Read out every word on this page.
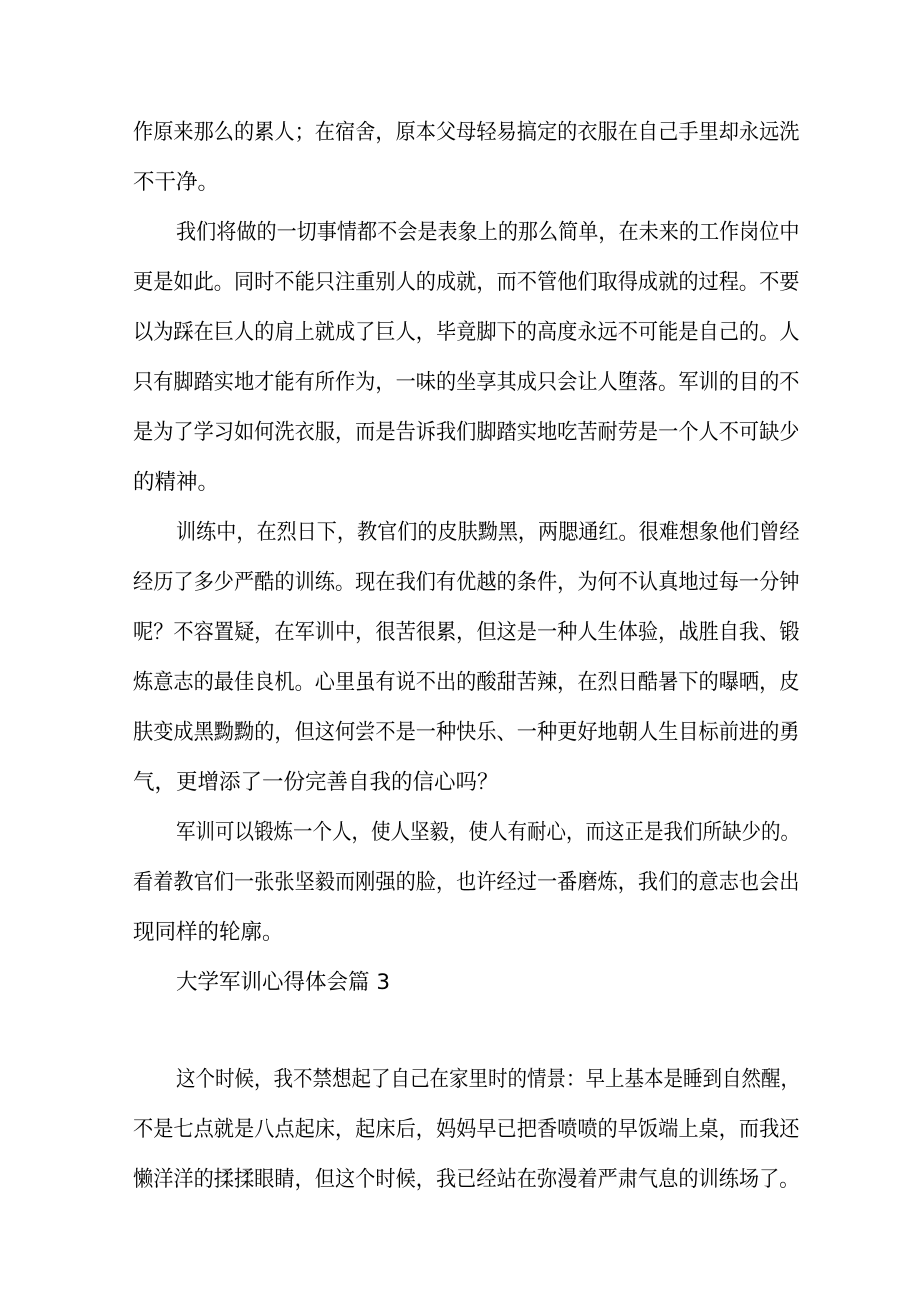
作原来那么的累人；在宿舍，原本父母轻易搞定的衣服在自己手里却永远洗
不干净。
我们将做的一切事情都不会是表象上的那么简单，在未来的工作岗位中
更是如此。同时不能只注重别人的成就，而不管他们取得成就的过程。不要
以为踩在巨人的肩上就成了巨人，毕竟脚下的高度永远不可能是自己的。人
只有脚踏实地才能有所作为，一味的坐享其成只会让人堕落。军训的目的不
是为了学习如何洗衣服，而是告诉我们脚踏实地吃苦耐劳是一个人不可缺少
的精神。
训练中，在烈日下，教官们的皮肤黝黑，两腮通红。很难想象他们曾经
经历了多少严酷的训练。现在我们有优越的条件，为何不认真地过每一分钟
呢？不容置疑，在军训中，很苦很累，但这是一种人生体验，战胜自我、锻
炼意志的最佳良机。心里虽有说不出的酸甜苦辣，在烈日酷暑下的曝晒，皮
肤变成黑黝黝的，但这何尝不是一种快乐、一种更好地朝人生目标前进的勇
气，更增添了一份完善自我的信心吗？
军训可以锻炼一个人，使人坚毅，使人有耐心，而这正是我们所缺少的。
看着教官们一张张坚毅而刚强的脸，也许经过一番磨炼，我们的意志也会出
现同样的轮廓。
大学军训心得体会篇 3
这个时候，我不禁想起了自己在家里时的情景：早上基本是睡到自然醒，
不是七点就是八点起床，起床后，妈妈早已把香喷喷的早饭端上桌，而我还
懒洋洋的揉揉眼睛，但这个时候，我已经站在弥漫着严肃气息的训练场了。
